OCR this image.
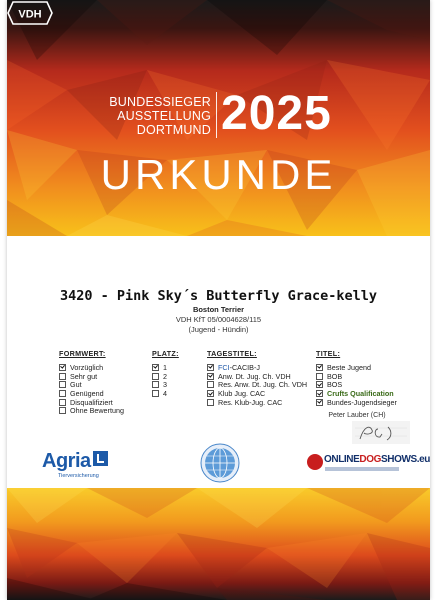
VDH
BUNDESSIEGER
AUSSTELLUNG
DORTMUND 2025
URKUNDE
3420 - Pink Sky´s Butterfly Grace-kelly
Boston Terrier
VDH KfT 05/0004628/115
(Jugend - Hündin)
FORMWERT:
Vorzüglich
Sehr gut
Gut
Genügend
Disqualifiziert
Ohne Bewertung
PLATZ:
1
2
3
4
TAGESTITEL:
FCI -CACIB-J
Anw. Dt. Jug. Ch. VDH
Res. Anw. Dt. Jug. Ch. VDH
Klub Jug. CAC
Res. Klub-Jug. CAC
TITEL:
Beste Jugend
BOB
BOS
Crufts Qualification
Bundes-Jugendsieger
Peter Lauber (CH)
Agria
Tierversicherung
ONLINEDOGSHOWS.eu
